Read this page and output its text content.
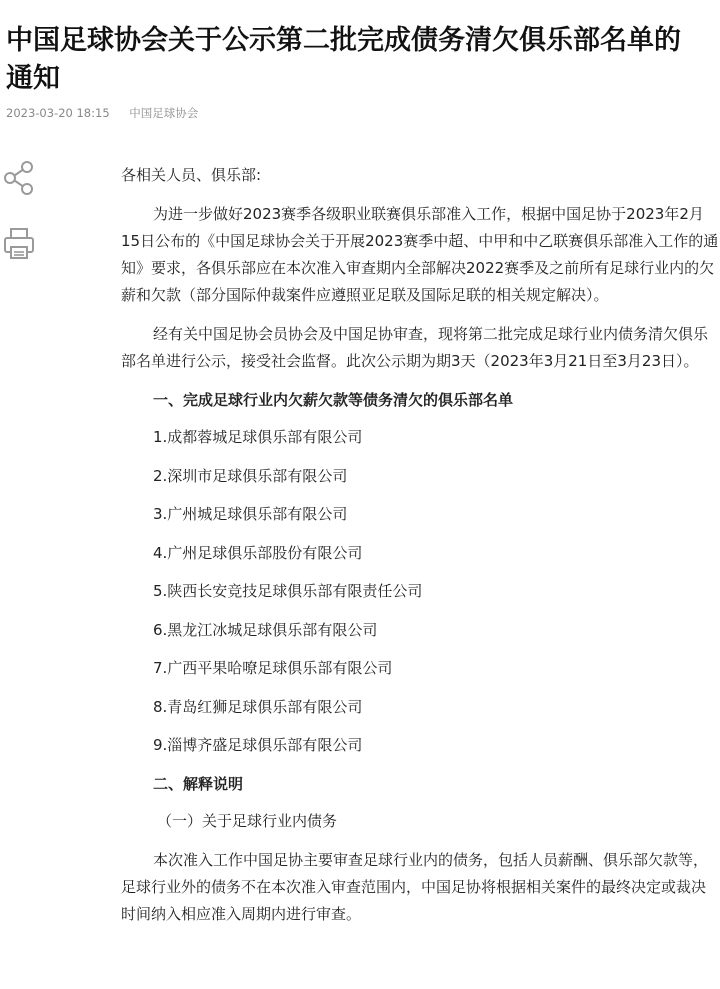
中国足球协会关于公示第二批完成债务清欠俱乐部名单的通知
2023-03-20 18:15 中国足球协会

各相关人员、俱乐部:

为进一步做好2023赛季各级职业联赛俱乐部准入工作，根据中国足协于2023年2月15日公布的《中国足球协会关于开展2023赛季中超、中甲和中乙联赛俱乐部准入工作的通知》要求，各俱乐部应在本次准入审查期内全部解决2022赛季及之前所有足球行业内的欠薪和欠款（部分国际仲裁案件应遵照亚足联及国际足联的相关规定解决）。

经有关中国足协会员协会及中国足协审查，现将第二批完成足球行业内债务清欠俱乐部名单进行公示，接受社会监督。此次公示期为期3天（2023年3月21日至3月23日）。

一、完成足球行业内欠薪欠款等债务清欠的俱乐部名单

1.成都蓉城足球俱乐部有限公司

2.深圳市足球俱乐部有限公司

3.广州城足球俱乐部有限公司

4.广州足球俱乐部股份有限公司

5.陕西长安竞技足球俱乐部有限责任公司

6.黑龙江冰城足球俱乐部有限公司

7.广西平果哈嘹足球俱乐部有限公司

8.青岛红狮足球俱乐部有限公司

9.淄博齐盛足球俱乐部有限公司

二、解释说明

（一）关于足球行业内债务

本次准入工作中国足协主要审查足球行业内的债务，包括人员薪酬、俱乐部欠款等，足球行业外的债务不在本次准入审查范围内，中国足协将根据相关案件的最终决定或裁决时间纳入相应准入周期内进行审查。
